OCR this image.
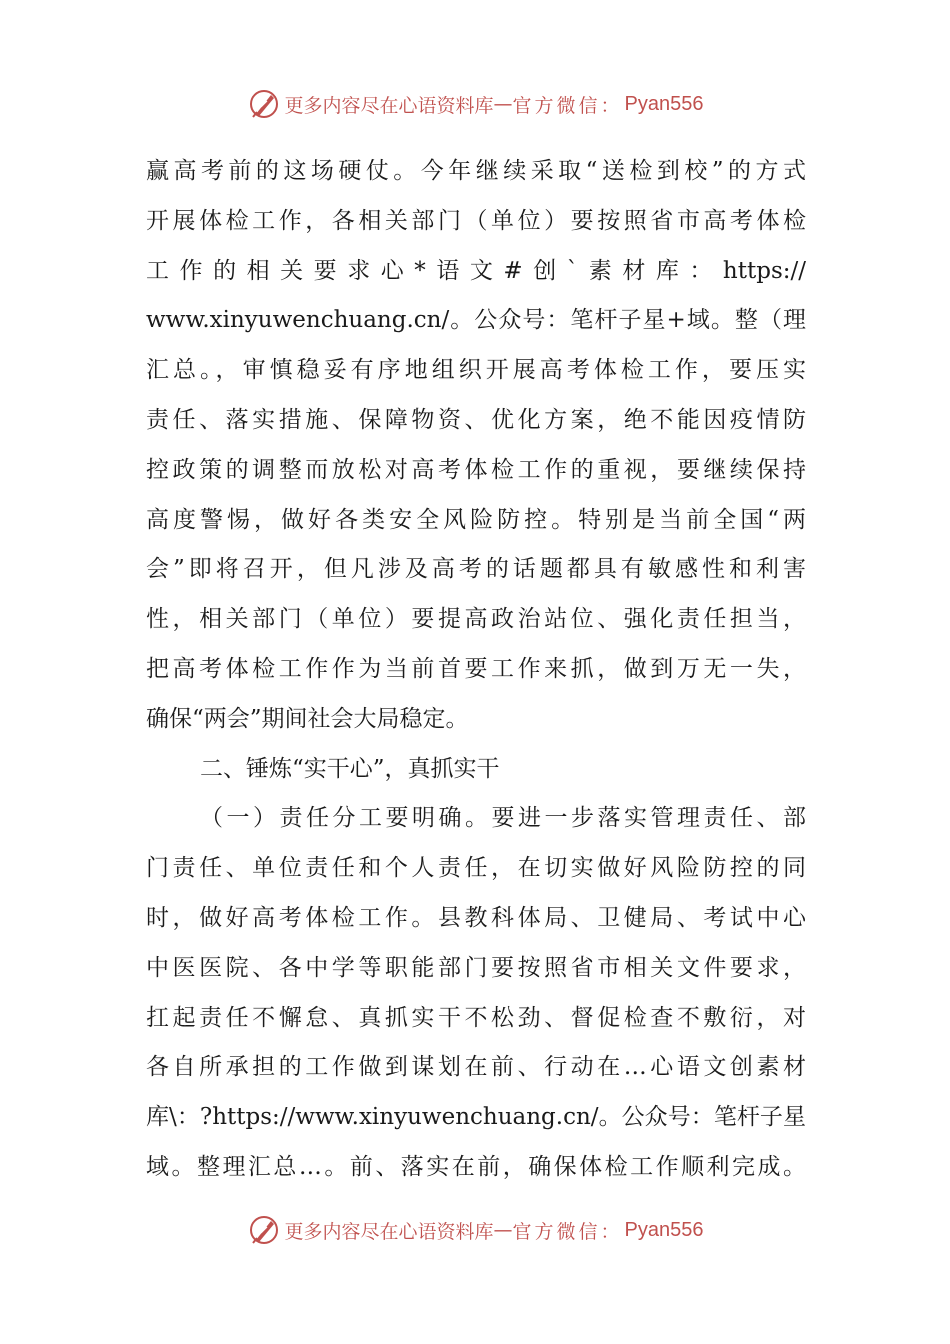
更多内容尽在心语资料库 — 官方微信： Pyan556
赢高考前的这场硬仗。今年继续采取“送检到校”的方式
开展体检工作，各相关部门（单位）要按照省市高考体检
工作的相关要求心*语文#创`素材库：https://
www.xinyuwenchuang.cn/。公众号：笔杆子星+域。整（理
汇总。，审慎稳妥有序地组织开展高考体检工作，要压实
责任、落实措施、保障物资、优化方案，绝不能因疫情防
控政策的调整而放松对高考体检工作的重视，要继续保持
高度警惕，做好各类安全风险防控。特别是当前全国“两
会”即将召开，但凡涉及高考的话题都具有敏感性和利害
性，相关部门（单位）要提高政治站位、强化责任担当，
把高考体检工作作为当前首要工作来抓，做到万无一失，
确保“两会”期间社会大局稳定。
二、锤炼“实干心”，真抓实干
（一）责任分工要明确。要进一步落实管理责任、部
门责任、单位责任和个人责任，在切实做好风险防控的同
时，做好高考体检工作。县教科体局、卫健局、考试中心
中医医院、各中学等职能部门要按照省市相关文件要求，
扛起责任不懈怠、真抓实干不松劲、督促检查不敷衍，对
各自所承担的工作做到谋划在前、行动在…心语文创素材
库\：?https://www.xinyuwenchuang.cn/。公众号：笔杆子星
域。整理汇总…。前、落实在前，确保体检工作顺利完成。
更多内容尽在心语资料库 — 官方微信： Pyan556
